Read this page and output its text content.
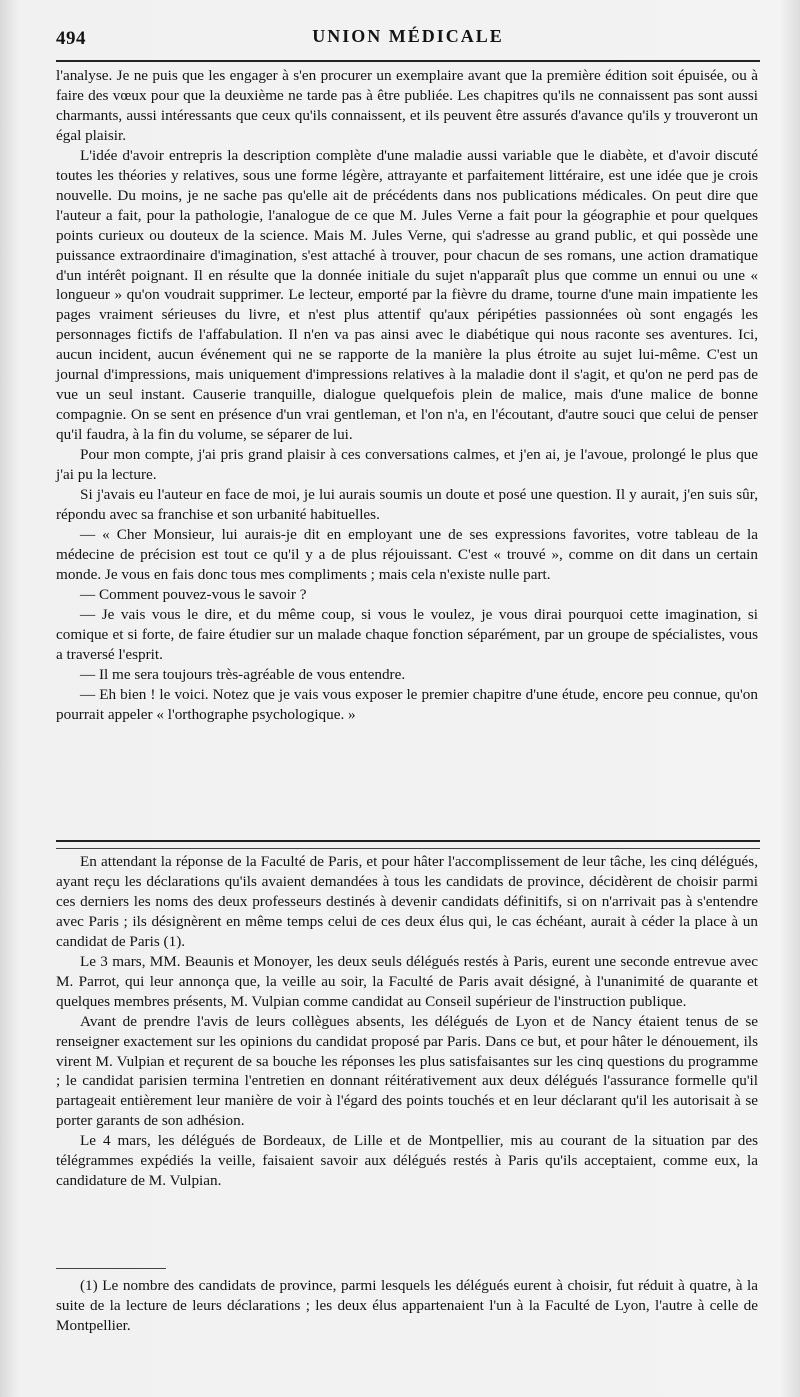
494	UNION MÉDICALE

l'analyse. Je ne puis que les engager à s'en procurer un exemplaire avant que la première édition soit épuisée, ou à faire des vœux pour que la deuxième ne tarde pas à être publiée. Les chapitres qu'ils ne connaissent pas sont aussi charmants, aussi intéressants que ceux qu'ils connaissent, et ils peuvent être assurés d'avance qu'ils y trouveront un égal plaisir.

L'idée d'avoir entrepris la description complète d'une maladie aussi variable que le diabète, et d'avoir discuté toutes les théories y relatives, sous une forme légère, attrayante et parfaitement littéraire, est une idée que je crois nouvelle. Du moins, je ne sache pas qu'elle ait de précédents dans nos publications médicales. On peut dire que l'auteur a fait, pour la pathologie, l'analogue de ce que M. Jules Verne a fait pour la géographie et pour quelques points curieux ou douteux de la science. Mais M. Jules Verne, qui s'adresse au grand public, et qui possède une puissance extraordinaire d'imagination, s'est attaché à trouver, pour chacun de ses romans, une action dramatique d'un intérêt poignant. Il en résulte que la donnée initiale du sujet n'apparaît plus que comme un ennui ou une « longueur » qu'on voudrait supprimer. Le lecteur, emporté par la fièvre du drame, tourne d'une main impatiente les pages vraiment sérieuses du livre, et n'est plus attentif qu'aux péripéties passionnées où sont engagés les personnages fictifs de l'affabulation. Il n'en va pas ainsi avec le diabétique qui nous raconte ses aventures. Ici, aucun incident, aucun événement qui ne se rapporte de la manière la plus étroite au sujet lui-même. C'est un journal d'impressions, mais uniquement d'impressions relatives à la maladie dont il s'agit, et qu'on ne perd pas de vue un seul instant. Causerie tranquille, dialogue quelquefois plein de malice, mais d'une malice de bonne compagnie. On se sent en présence d'un vrai gentleman, et l'on n'a, en l'écoutant, d'autre souci que celui de penser qu'il faudra, à la fin du volume, se séparer de lui.

Pour mon compte, j'ai pris grand plaisir à ces conversations calmes, et j'en ai, je l'avoue, prolongé le plus que j'ai pu la lecture.

Si j'avais eu l'auteur en face de moi, je lui aurais soumis un doute et posé une question. Il y aurait, j'en suis sûr, répondu avec sa franchise et son urbanité habituelles.

— « Cher Monsieur, lui aurais-je dit en employant une de ses expressions favorites, votre tableau de la médecine de précision est tout ce qu'il y a de plus réjouissant. C'est « trouvé », comme on dit dans un certain monde. Je vous en fais donc tous mes compliments ; mais cela n'existe nulle part.

— Comment pouvez-vous le savoir ?

— Je vais vous le dire, et du même coup, si vous le voulez, je vous dirai pourquoi cette imagination, si comique et si forte, de faire étudier sur un malade chaque fonction séparément, par un groupe de spécialistes, vous a traversé l'esprit.

— Il me sera toujours très-agréable de vous entendre.

— Eh bien ! le voici. Notez que je vais vous exposer le premier chapitre d'une étude, encore peu connue, qu'on pourrait appeler « l'orthographe psychologique. »

En attendant la réponse de la Faculté de Paris, et pour hâter l'accomplissement de leur tâche, les cinq délégués, ayant reçu les déclarations qu'ils avaient demandées à tous les candidats de province, décidèrent de choisir parmi ces derniers les noms des deux professeurs destinés à devenir candidats définitifs, si on n'arrivait pas à s'entendre avec Paris ; ils désignèrent en même temps celui de ces deux élus qui, le cas échéant, aurait à céder la place à un candidat de Paris (1).

Le 3 mars, MM. Beaunis et Monoyer, les deux seuls délégués restés à Paris, eurent une seconde entrevue avec M. Parrot, qui leur annonça que, la veille au soir, la Faculté de Paris avait désigné, à l'unanimité de quarante et quelques membres présents, M. Vulpian comme candidat au Conseil supérieur de l'instruction publique.

Avant de prendre l'avis de leurs collègues absents, les délégués de Lyon et de Nancy étaient tenus de se renseigner exactement sur les opinions du candidat proposé par Paris. Dans ce but, et pour hâter le dénouement, ils virent M. Vulpian et reçurent de sa bouche les réponses les plus satisfaisantes sur les cinq questions du programme ; le candidat parisien termina l'entretien en donnant réitérativement aux deux délégués l'assurance formelle qu'il partageait entièrement leur manière de voir à l'égard des points touchés et en leur déclarant qu'il les autorisait à se porter garants de son adhésion.

Le 4 mars, les délégués de Bordeaux, de Lille et de Montpellier, mis au courant de la situation par des télégrammes expédiés la veille, faisaient savoir aux délégués restés à Paris qu'ils acceptaient, comme eux, la candidature de M. Vulpian.

(1) Le nombre des candidats de province, parmi lesquels les délégués eurent à choisir, fut réduit à quatre, à la suite de la lecture de leurs déclarations ; les deux élus appartenaient l'un à la Faculté de Lyon, l'autre à celle de Montpellier.
